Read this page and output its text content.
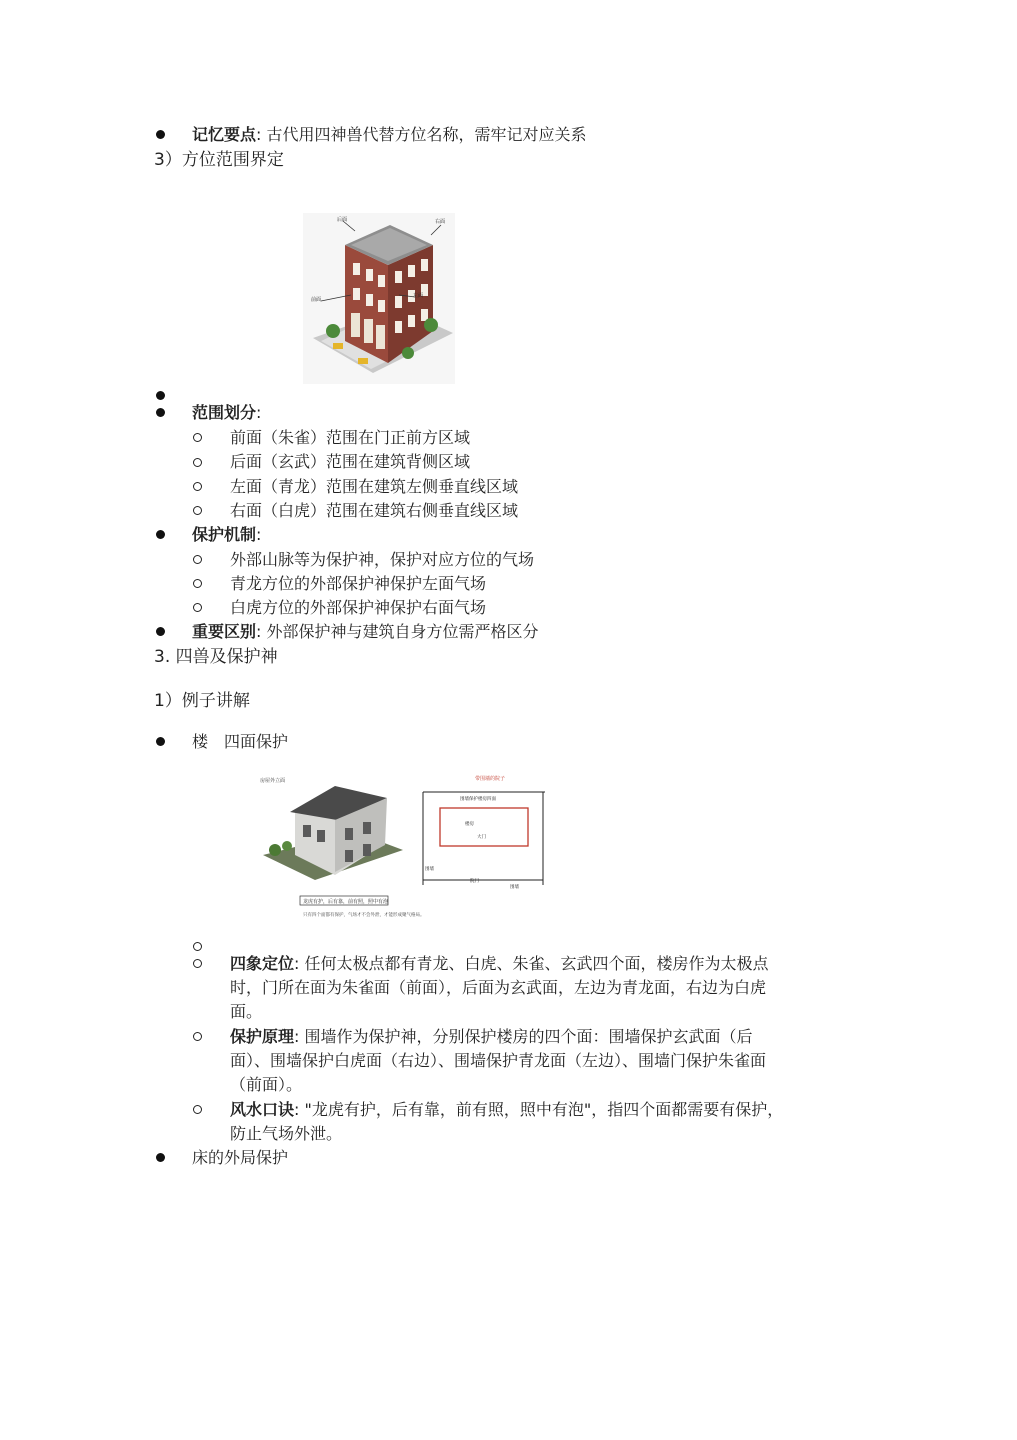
记忆要点: 古代用四神兽代替方位名称，需牢记对应关系
3）方位范围界定
后面	右面
前面
左面
范围划分:
前面（朱雀）范围在门正前方区域
后面（玄武）范围在建筑背侧区域
左面（青龙）范围在建筑左侧垂直线区域
右面（白虎）范围在建筑右侧垂直线区域
保护机制:
外部山脉等为保护神，保护对应方位的气场
青龙方位的外部保护神保护左面气场
白虎方位的外部保护神保护右面气场
重要区别: 外部保护神与建筑自身方位需严格区分
3. 四兽及保护神
1）例子讲解
楼　四面保护
房屋外立面	带围墙的院子
围墙保护楼房四面
楼房
大门
院门
围墙
围墙
龙虎有护，后有靠，前有照，照中有泡
只有四个面都有保护，气场才不会外泄，才能形成聚气格局。
四象定位: 任何太极点都有青龙、白虎、朱雀、玄武四个面，楼房作为太极点
时，门所在面为朱雀面（前面），后面为玄武面，左边为青龙面，右边为白虎
面。
保护原理: 围墙作为保护神，分别保护楼房的四个面：围墙保护玄武面（后
面）、围墙保护白虎面（右边）、围墙保护青龙面（左边）、围墙门保护朱雀面
（前面）。
风水口诀: "龙虎有护，后有靠，前有照，照中有泡"，指四个面都需要有保护，
防止气场外泄。
床的外局保护
